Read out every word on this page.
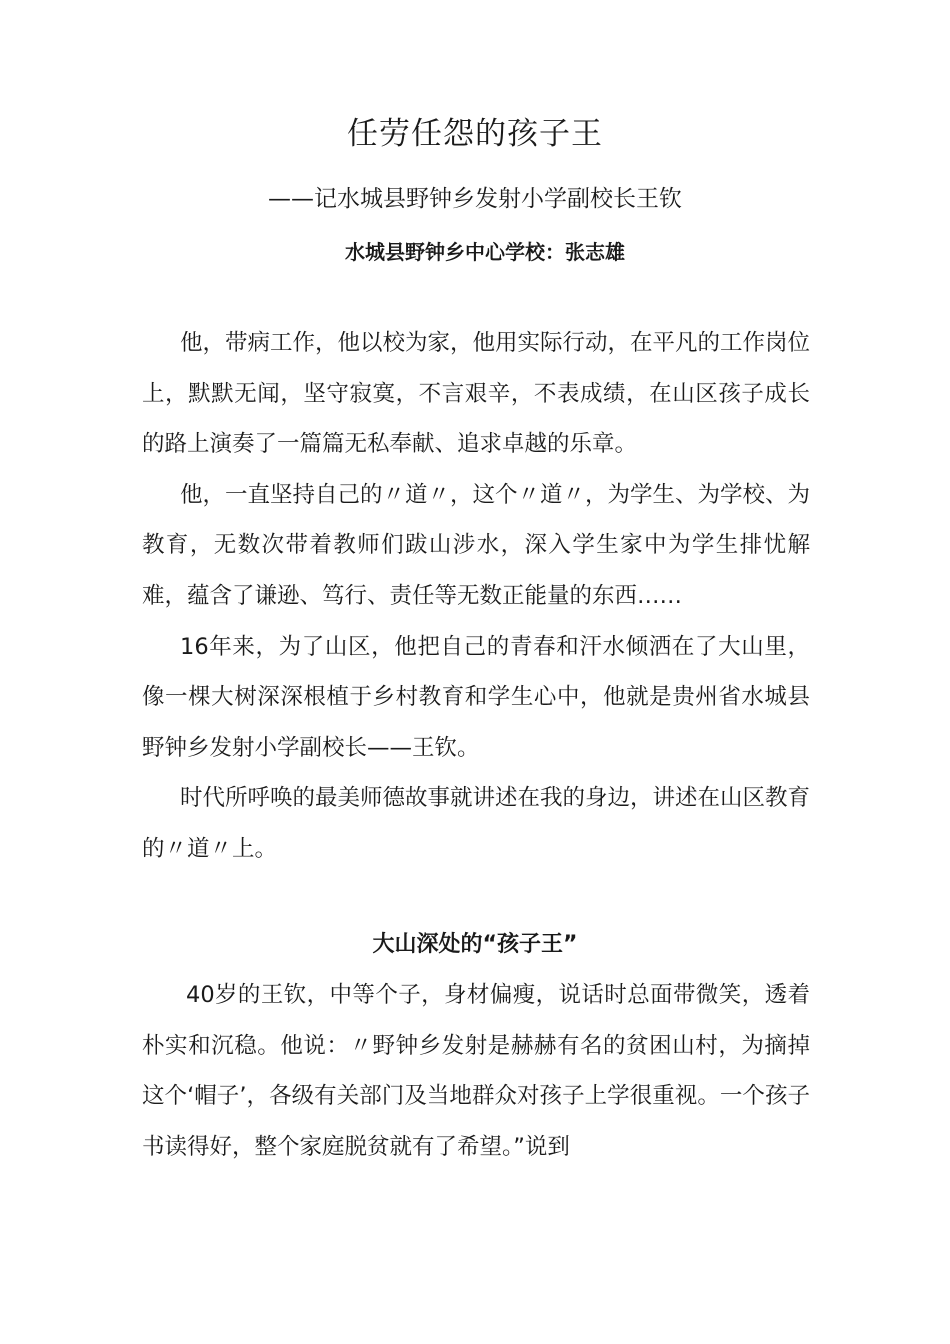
任劳任怨的孩子王
——记水城县野钟乡发射小学副校长王钦
水城县野钟乡中心学校：张志雄

他，带病工作，他以校为家，他用实际行动，在平凡的工作岗位上，默默无闻，坚守寂寞，不言艰辛，不表成绩，在山区孩子成长的路上演奏了一篇篇无私奉献、追求卓越的乐章。

他，一直坚持自己的〃道〃，这个〃道〃，为学生、为学校、为教育，无数次带着教师们跋山涉水，深入学生家中为学生排忧解难，蕴含了谦逊、笃行、责任等无数正能量的东西……

16年来，为了山区，他把自己的青春和汗水倾洒在了大山里，像一棵大树深深根植于乡村教育和学生心中，他就是贵州省水城县野钟乡发射小学副校长——王钦。

时代所呼唤的最美师德故事就讲述在我的身边，讲述在山区教育的〃道〃上。

大山深处的“孩子王”

40岁的王钦，中等个子，身材偏瘦，说话时总面带微笑，透着朴实和沉稳。他说：〃野钟乡发射是赫赫有名的贫困山村，为摘掉这个‘帽子’，各级有关部门及当地群众对孩子上学很重视。一个孩子书读得好，整个家庭脱贫就有了希望。”说到
